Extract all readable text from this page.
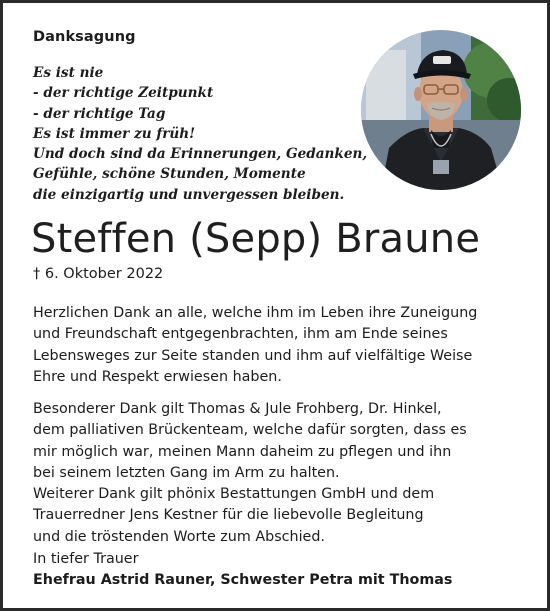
Danksagung
Es ist nie
- der richtige Zeitpunkt
- der richtige Tag
Es ist immer zu früh!
Und doch sind da Erinnerungen, Gedanken,
Gefühle, schöne Stunden, Momente
die einzigartig und unvergessen bleiben.
Steffen (Sepp) Braune
† 6. Oktober 2022
Herzlichen Dank an alle, welche ihm im Leben ihre Zuneigung
und Freundschaft entgegenbrachten, ihm am Ende seines
Lebensweges zur Seite standen und ihm auf vielfältige Weise
Ehre und Respekt erwiesen haben.
Besonderer Dank gilt Thomas & Jule Frohberg, Dr. Hinkel,
dem palliativen Brückenteam, welche dafür sorgten, dass es
mir möglich war, meinen Mann daheim zu pflegen und ihn
bei seinem letzten Gang im Arm zu halten.
Weiterer Dank gilt phönix Bestattungen GmbH und dem
Trauerredner Jens Kestner für die liebevolle Begleitung
und die tröstenden Worte zum Abschied.
In tiefer Trauer
Ehefrau Astrid Rauner, Schwester Petra mit Thomas
